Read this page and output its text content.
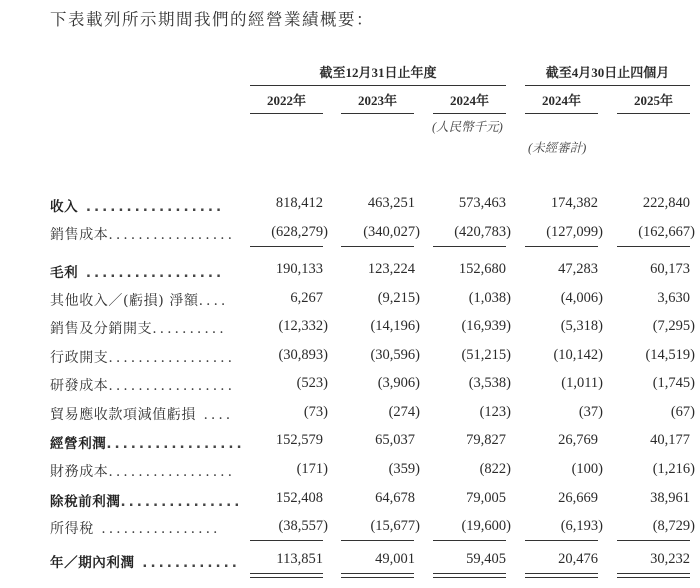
下表載列所示期間我們的經營業績概要：
截至12月31日止年度	截至4月30日止四個月
2022年	2023年	2024年	2024年	2025年
(人民幣千元)
(未經審計)
收入 .................	818,412	463,251	573,463	174,382	222,840
銷售成本.................	(628,279)	(340,027)	(420,783)	(127,099)	(162,667)
毛利 .................	190,133	123,224	152,680	47,283	60,173
其他收入／(虧損) 淨額....	6,267	(9,215)	(1,038)	(4,006)	3,630
銷售及分銷開支..........	(12,332)	(14,196)	(16,939)	(5,318)	(7,295)
行政開支.................	(30,893)	(30,596)	(51,215)	(10,142)	(14,519)
研發成本.................	(523)	(3,906)	(3,538)	(1,011)	(1,745)
貿易應收款項減值虧損 ....	(73)	(274)	(123)	(37)	(67)
經營利潤.................	152,579	65,037	79,827	26,769	40,177
財務成本.................	(171)	(359)	(822)	(100)	(1,216)
除稅前利潤...............	152,408	64,678	79,005	26,669	38,961
所得稅 ................	(38,557)	(15,677)	(19,600)	(6,193)	(8,729)
年／期內利潤 ............	113,851	49,001	59,405	20,476	30,232
